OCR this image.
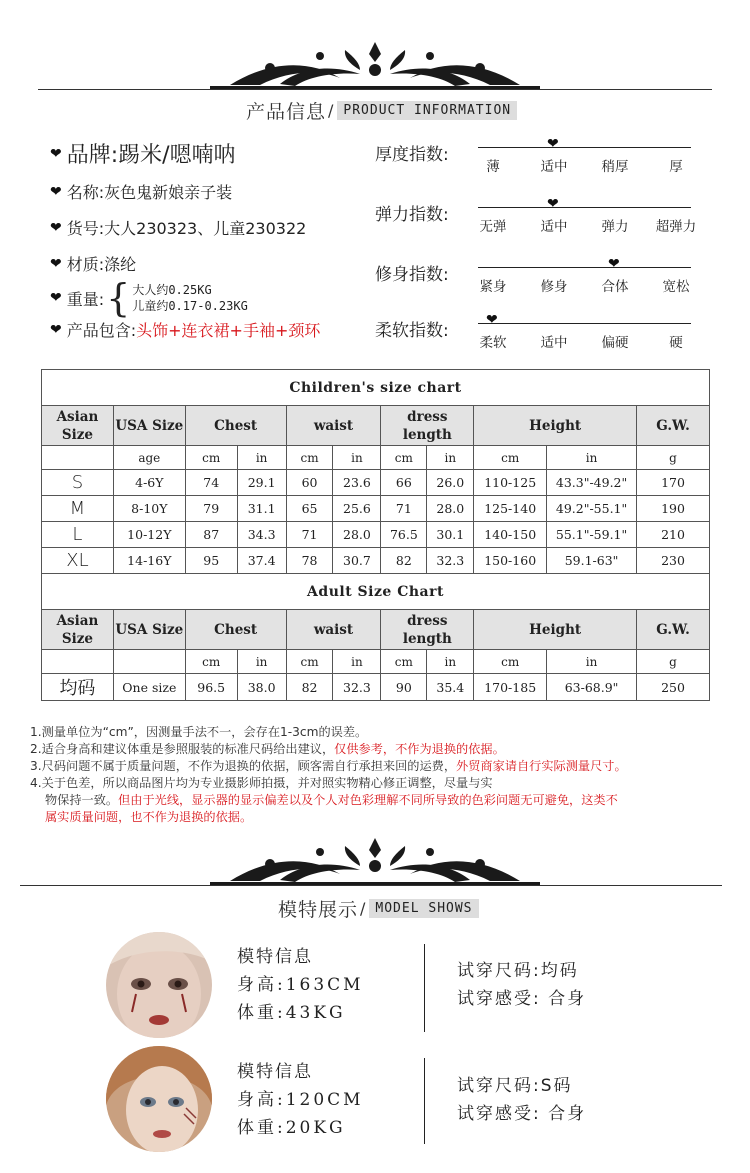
产品信息 / PRODUCT INFORMATION
❤ 品牌: 踢米/嗯喃呐
❤ 名称: 灰色鬼新娘亲子装
❤ 货号: 大人230323、儿童230322
❤ 材质: 涤纶
❤ 重量: { 大人约0.25KG
儿童约0.17-0.23KG
❤ 产品包含: 头饰+连衣裙+手袖+颈环
厚度指数:
薄	适中	稍厚	厚
❤
弹力指数:
无弹	适中	弹力	超弹力
❤
修身指数:
紧身	修身	合体	宽松
❤
柔软指数:
柔软	适中	偏硬	硬
❤
Children's size chart										
Asian Size	USA Size	Chest		waist		dress length		Height		G.W.
	age	cm	in	cm	in	cm	in	cm	in	g
S	4-6Y	74	29.1	60	23.6	66	26.0	110-125	43.3"-49.2"	170
M	8-10Y	79	31.1	65	25.6	71	28.0	125-140	49.2"-55.1"	190
L	10-12Y	87	34.3	71	28.0	76.5	30.1	140-150	55.1"-59.1"	210
XL	14-16Y	95	37.4	78	30.7	82	32.3	150-160	59.1-63"	230
Adult Size Chart										
Asian Size	USA Size	Chest		waist		dress length		Height		G.W.
		cm	in	cm	in	cm	in	cm	in	g
均码	One size	96.5	38.0	82	32.3	90	35.4	170-185	63-68.9"	250

1.测量单位为“cm”，因测量手法不一，会存在1-3cm的误差。

2.适合身高和建议体重是参照服装的标准尺码给出建议，仅供参考，不作为退换的依据。

3.尺码问题不属于质量问题，不作为退换的依据，顾客需自行承担来回的运费，外贸商家请自行实际测量尺寸。

4.关于色差，所以商品图片均为专业摄影师拍摄，并对照实物精心修正调整，尽量与实

物保持一致。但由于光线，显示器的显示偏差以及个人对色彩理解不同所导致的色彩问题无可避免，这类不

属实质量问题，也不作为退换的依据。

模特展示 / MODEL SHOWS
模特信息
身高:163CM
体重:43KG
试穿尺码:均码
试穿感受: 合身
模特信息
身高:120CM
体重:20KG
试穿尺码:S码
试穿感受: 合身
